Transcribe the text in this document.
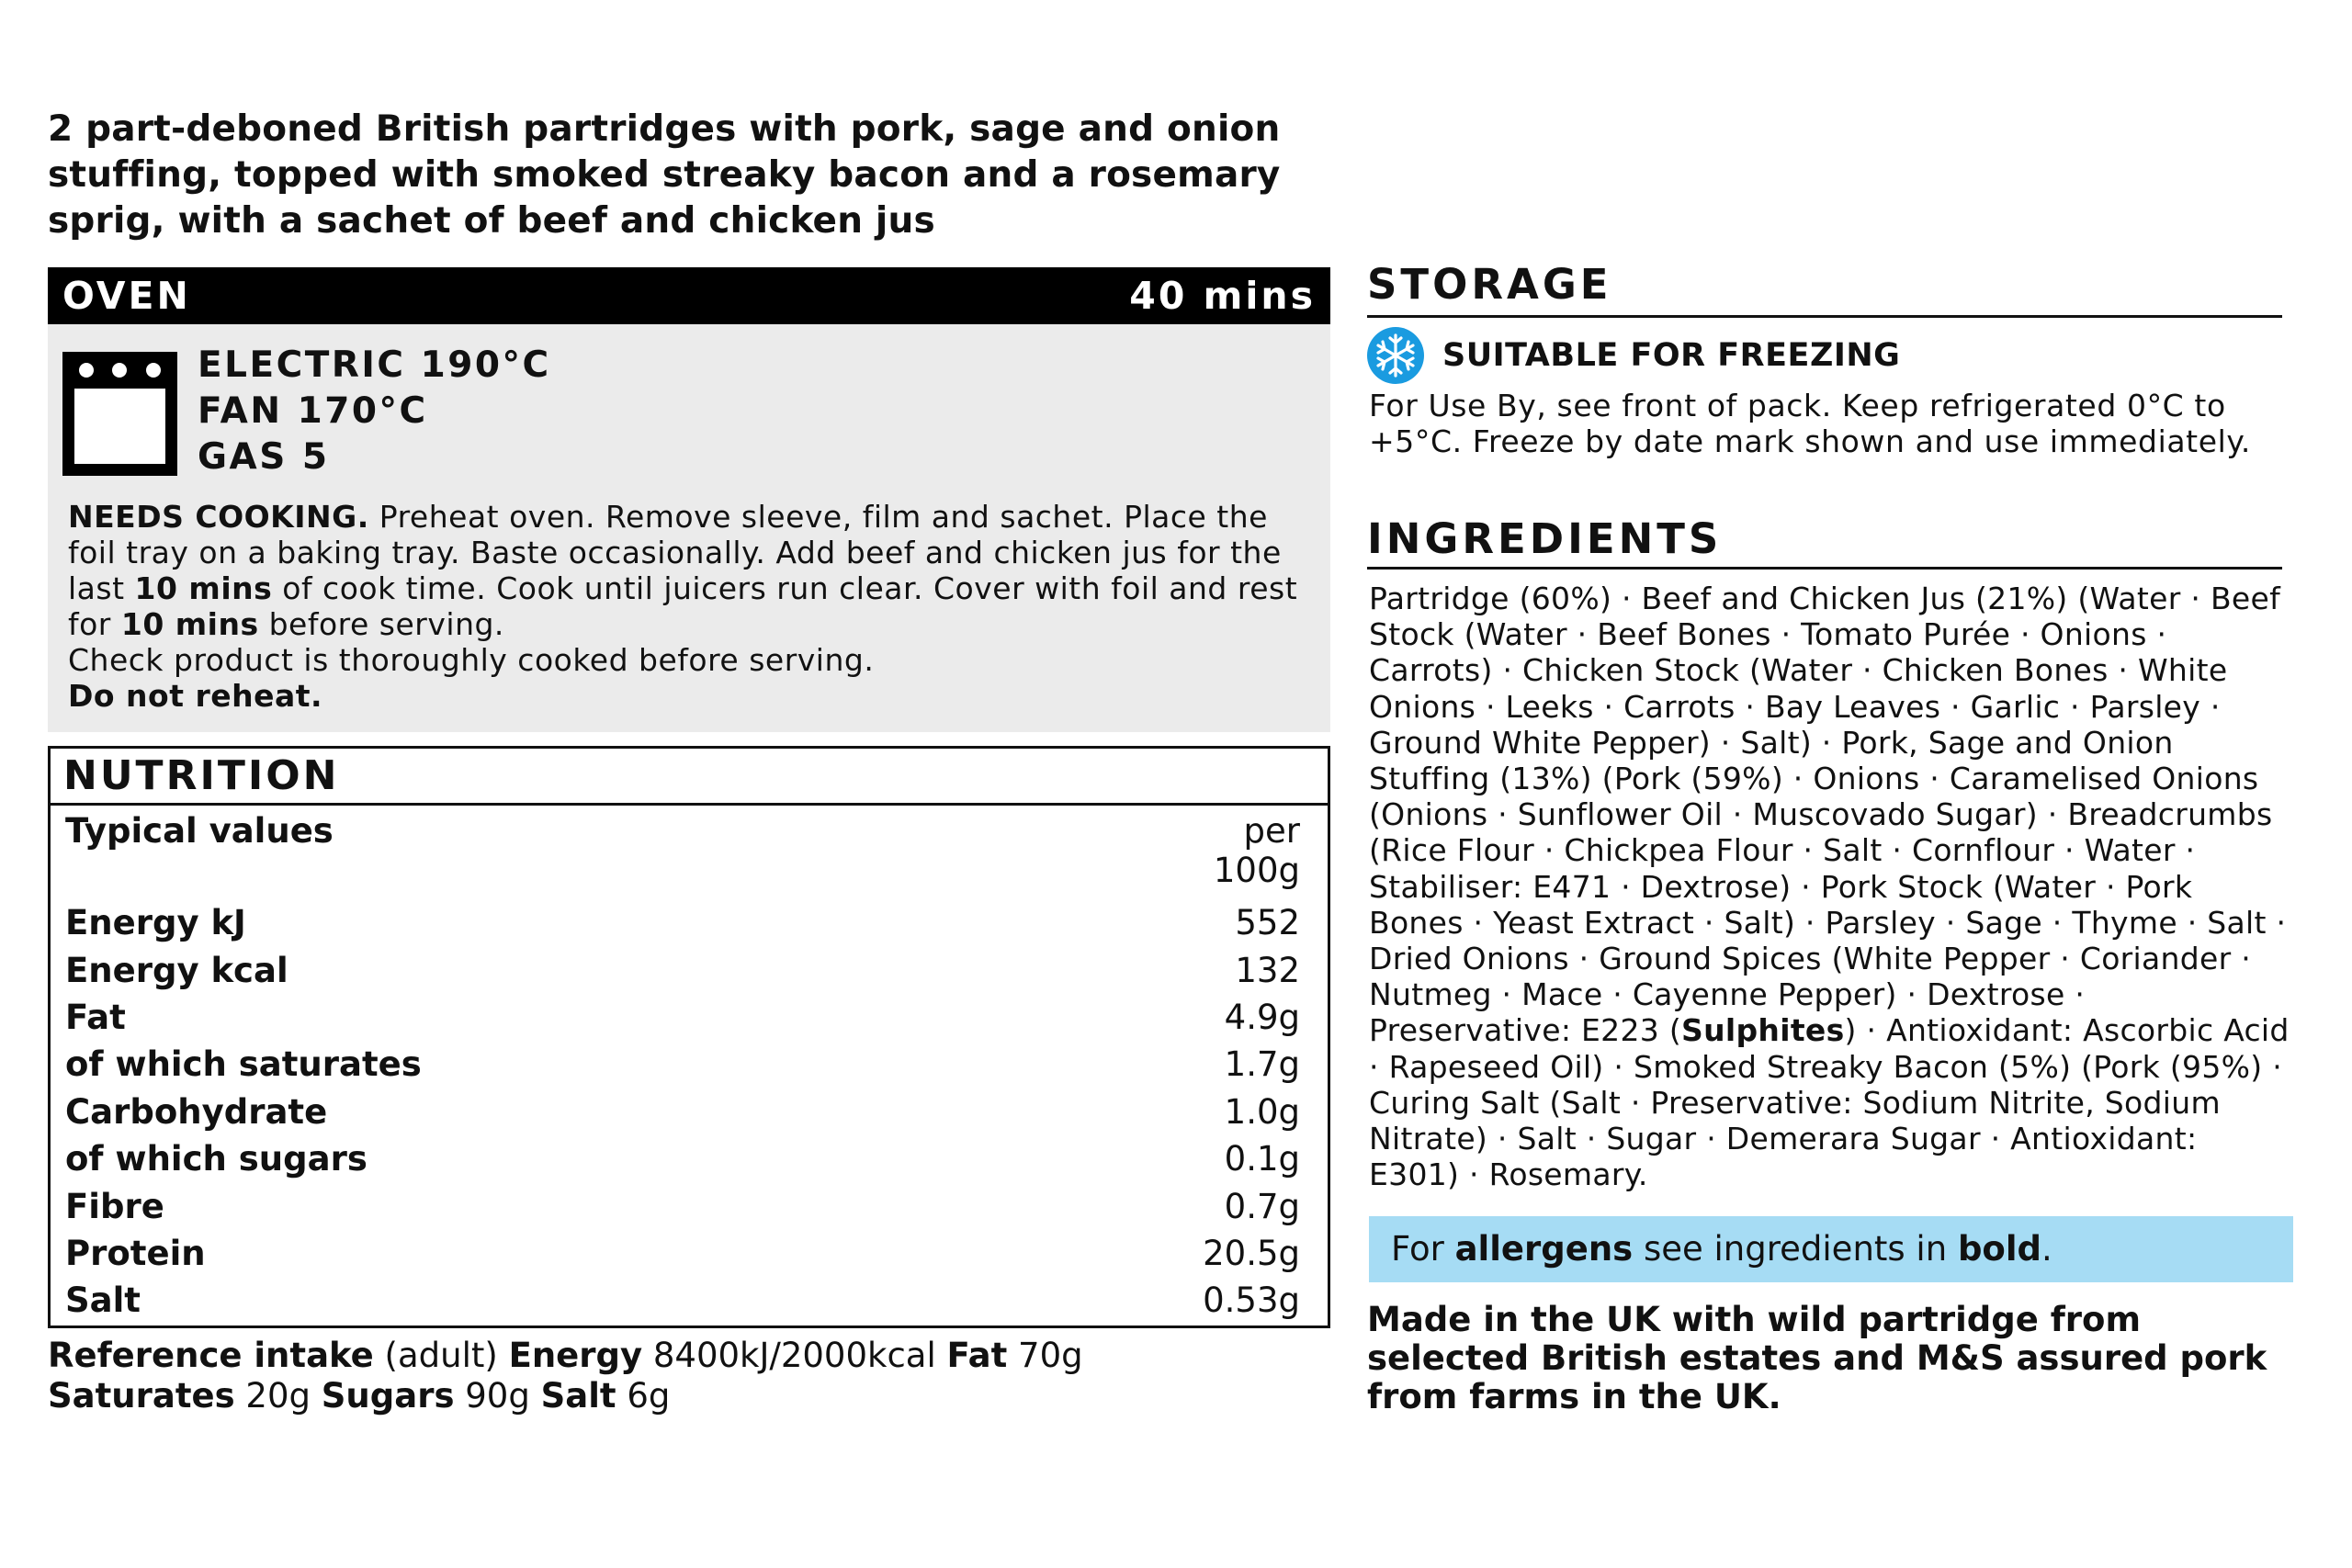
2 part-deboned British partridges with pork, sage and onion stuffing, topped with smoked streaky bacon and a rosemary sprig, with a sachet of beef and chicken jus
OVEN	40 mins
ELECTRIC 190°C
FAN 170°C
GAS 5
NEEDS COOKING. Preheat oven. Remove sleeve, film and sachet. Place the foil tray on a baking tray. Baste occasionally. Add beef and chicken jus for the last 10 mins of cook time. Cook until juicers run clear. Cover with foil and rest for 10 mins before serving.
Check product is thoroughly cooked before serving.
Do not reheat.
NUTRITION
Typical values	per 100g
Energy kJ	552
Energy kcal	132
Fat	4.9g
of which saturates	1.7g
Carbohydrate	1.0g
of which sugars	0.1g
Fibre	0.7g
Protein	20.5g
Salt	0.53g
Reference intake (adult) Energy 8400kJ/2000kcal Fat 70g
Saturates 20g Sugars 90g Salt 6g
STORAGE
SUITABLE FOR FREEZING
For Use By, see front of pack. Keep refrigerated 0°C to +5°C. Freeze by date mark shown and use immediately.
INGREDIENTS
Partridge (60%) · Beef and Chicken Jus (21%) (Water · Beef Stock (Water · Beef Bones · Tomato Purée · Onions · Carrots) · Chicken Stock (Water · Chicken Bones · White Onions · Leeks · Carrots · Bay Leaves · Garlic · Parsley · Ground White Pepper) · Salt) · Pork, Sage and Onion Stuffing (13%) (Pork (59%) · Onions · Caramelised Onions (Onions · Sunflower Oil · Muscovado Sugar) · Breadcrumbs (Rice Flour · Chickpea Flour · Salt · Cornflour · Water · Stabiliser: E471 · Dextrose) · Pork Stock (Water · Pork Bones · Yeast Extract · Salt) · Parsley · Sage · Thyme · Salt · Dried Onions · Ground Spices (White Pepper · Coriander · Nutmeg · Mace · Cayenne Pepper) · Dextrose · Preservative: E223 (Sulphites) · Antioxidant: Ascorbic Acid · Rapeseed Oil) · Smoked Streaky Bacon (5%) (Pork (95%) · Curing Salt (Salt · Preservative: Sodium Nitrite, Sodium Nitrate) · Salt · Sugar · Demerara Sugar · Antioxidant: E301) · Rosemary.
For allergens see ingredients in bold.
Made in the UK with wild partridge from selected British estates and M&S assured pork from farms in the UK.
